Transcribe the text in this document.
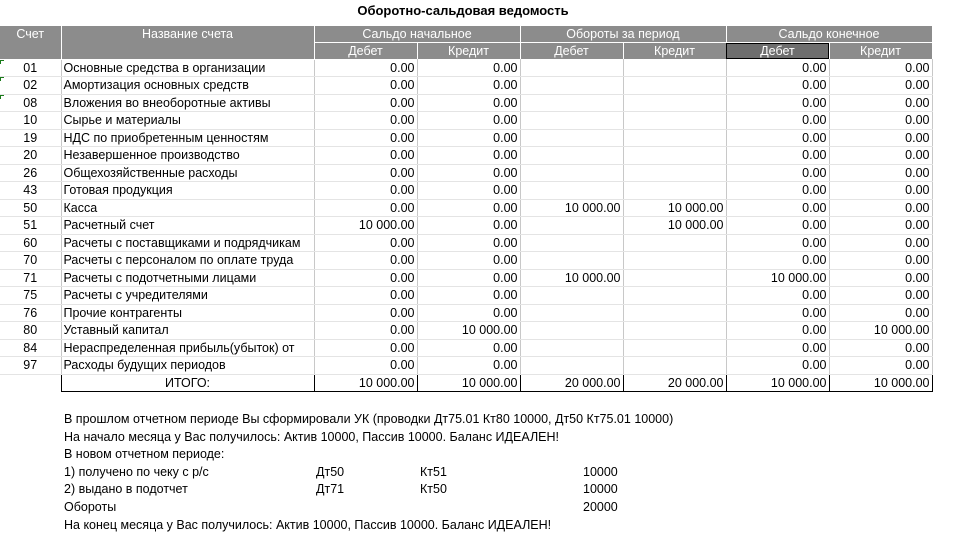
Оборотно-сальдовая ведомость
Счет	Название счета	Сальдо начальное		Обороты за период		Сальдо конечное	
		Дебет	Кредит	Дебет	Кредит	Дебет	Кредит
01	Основные средства в организации	0.00	0.00			0.00	0.00
02	Амортизация основных средств	0.00	0.00			0.00	0.00
08	Вложения во внеоборотные активы	0.00	0.00			0.00	0.00
10	Сырье и материалы	0.00	0.00			0.00	0.00
19	НДС по приобретенным ценностям	0.00	0.00			0.00	0.00
20	Незавершенное производство	0.00	0.00			0.00	0.00
26	Общехозяйственные расходы	0.00	0.00			0.00	0.00
43	Готовая продукция	0.00	0.00			0.00	0.00
50	Касса	0.00	0.00	10 000.00	10 000.00	0.00	0.00
51	Расчетный счет	10 000.00	0.00		10 000.00	0.00	0.00
60	Расчеты с поставщиками и подрядчикам	0.00	0.00			0.00	0.00
70	Расчеты с персоналом по оплате труда	0.00	0.00			0.00	0.00
71	Расчеты с подотчетными лицами	0.00	0.00	10 000.00		10 000.00	0.00
75	Расчеты с учредителями	0.00	0.00			0.00	0.00
76	Прочие контрагенты	0.00	0.00			0.00	0.00
80	Уставный капитал	0.00	10 000.00			0.00	10 000.00
84	Нераспределенная прибыль(убыток) от	0.00	0.00			0.00	0.00
97	Расходы будущих периодов	0.00	0.00			0.00	0.00
	ИТОГО:	10 000.00	10 000.00	20 000.00	20 000.00	10 000.00	10 000.00
В прошлом отчетном периоде Вы сформировали УК (проводки Дт75.01 Кт80 10000, Дт50 Кт75.01 10000)
На начало месяца у Вас получилось: Актив 10000, Пассив 10000. Баланс ИДЕАЛЕН!
В новом отчетном периоде:
1) получено по чеку с р/с	Дт50	Кт51	10000
2) выдано в подотчет	Дт71	Кт50	10000
Обороты	20000
На конец месяца у Вас получилось: Актив 10000, Пассив 10000. Баланс ИДЕАЛЕН!
